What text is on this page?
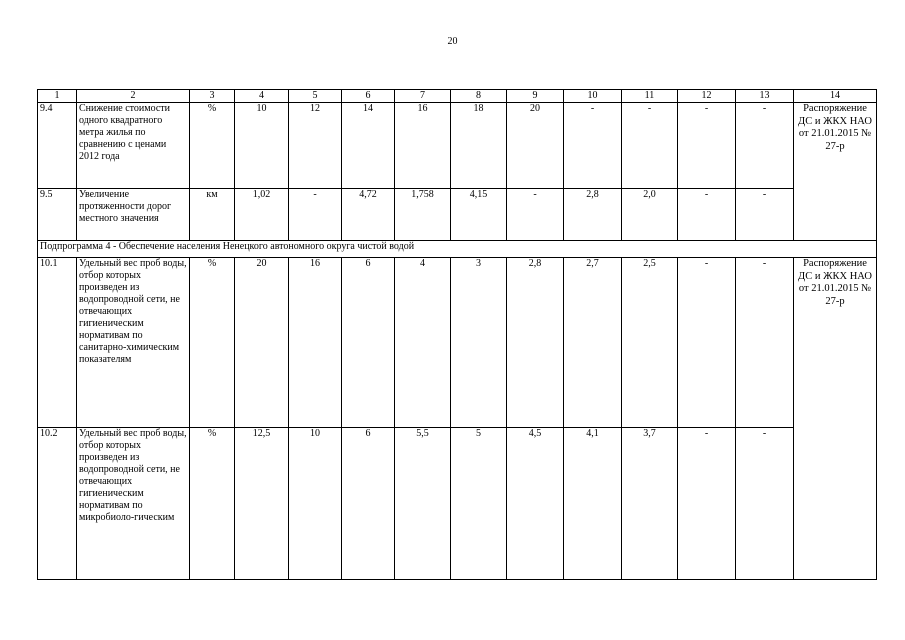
20
1	2	3	4	5	6	7	8	9	10	11	12	13	14
9.4	Снижение стоимости одного квадратного метра жилья по сравнению с ценами 2012 года	%	10	12	14	16	18	20	-	-	-	-	Распоряжение ДС и ЖКХ НАО от 21.01.2015 № 27-р
9.5	Увеличение протяженности дорог местного значения	км	1,02	-	4,72	1,758	4,15	-	2,8	2,0	-	-	
Подпрограмма 4 - Обеспечение населения Ненецкого автономного округа чистой водой													
10.1	Удельный вес проб воды, отбор которых произведен из водопроводной сети, не отвечающих гигиеническим нормативам по санитарно-химическим показателям	%	20	16	6	4	3	2,8	2,7	2,5	-	-	Распоряжение ДС и ЖКХ НАО от 21.01.2015 № 27-р
10.2	Удельный вес проб воды, отбор которых произведен из водопроводной сети, не отвечающих гигиеническим нормативам по микробиоло-гическим	%	12,5	10	6	5,5	5	4,5	4,1	3,7	-	-	
